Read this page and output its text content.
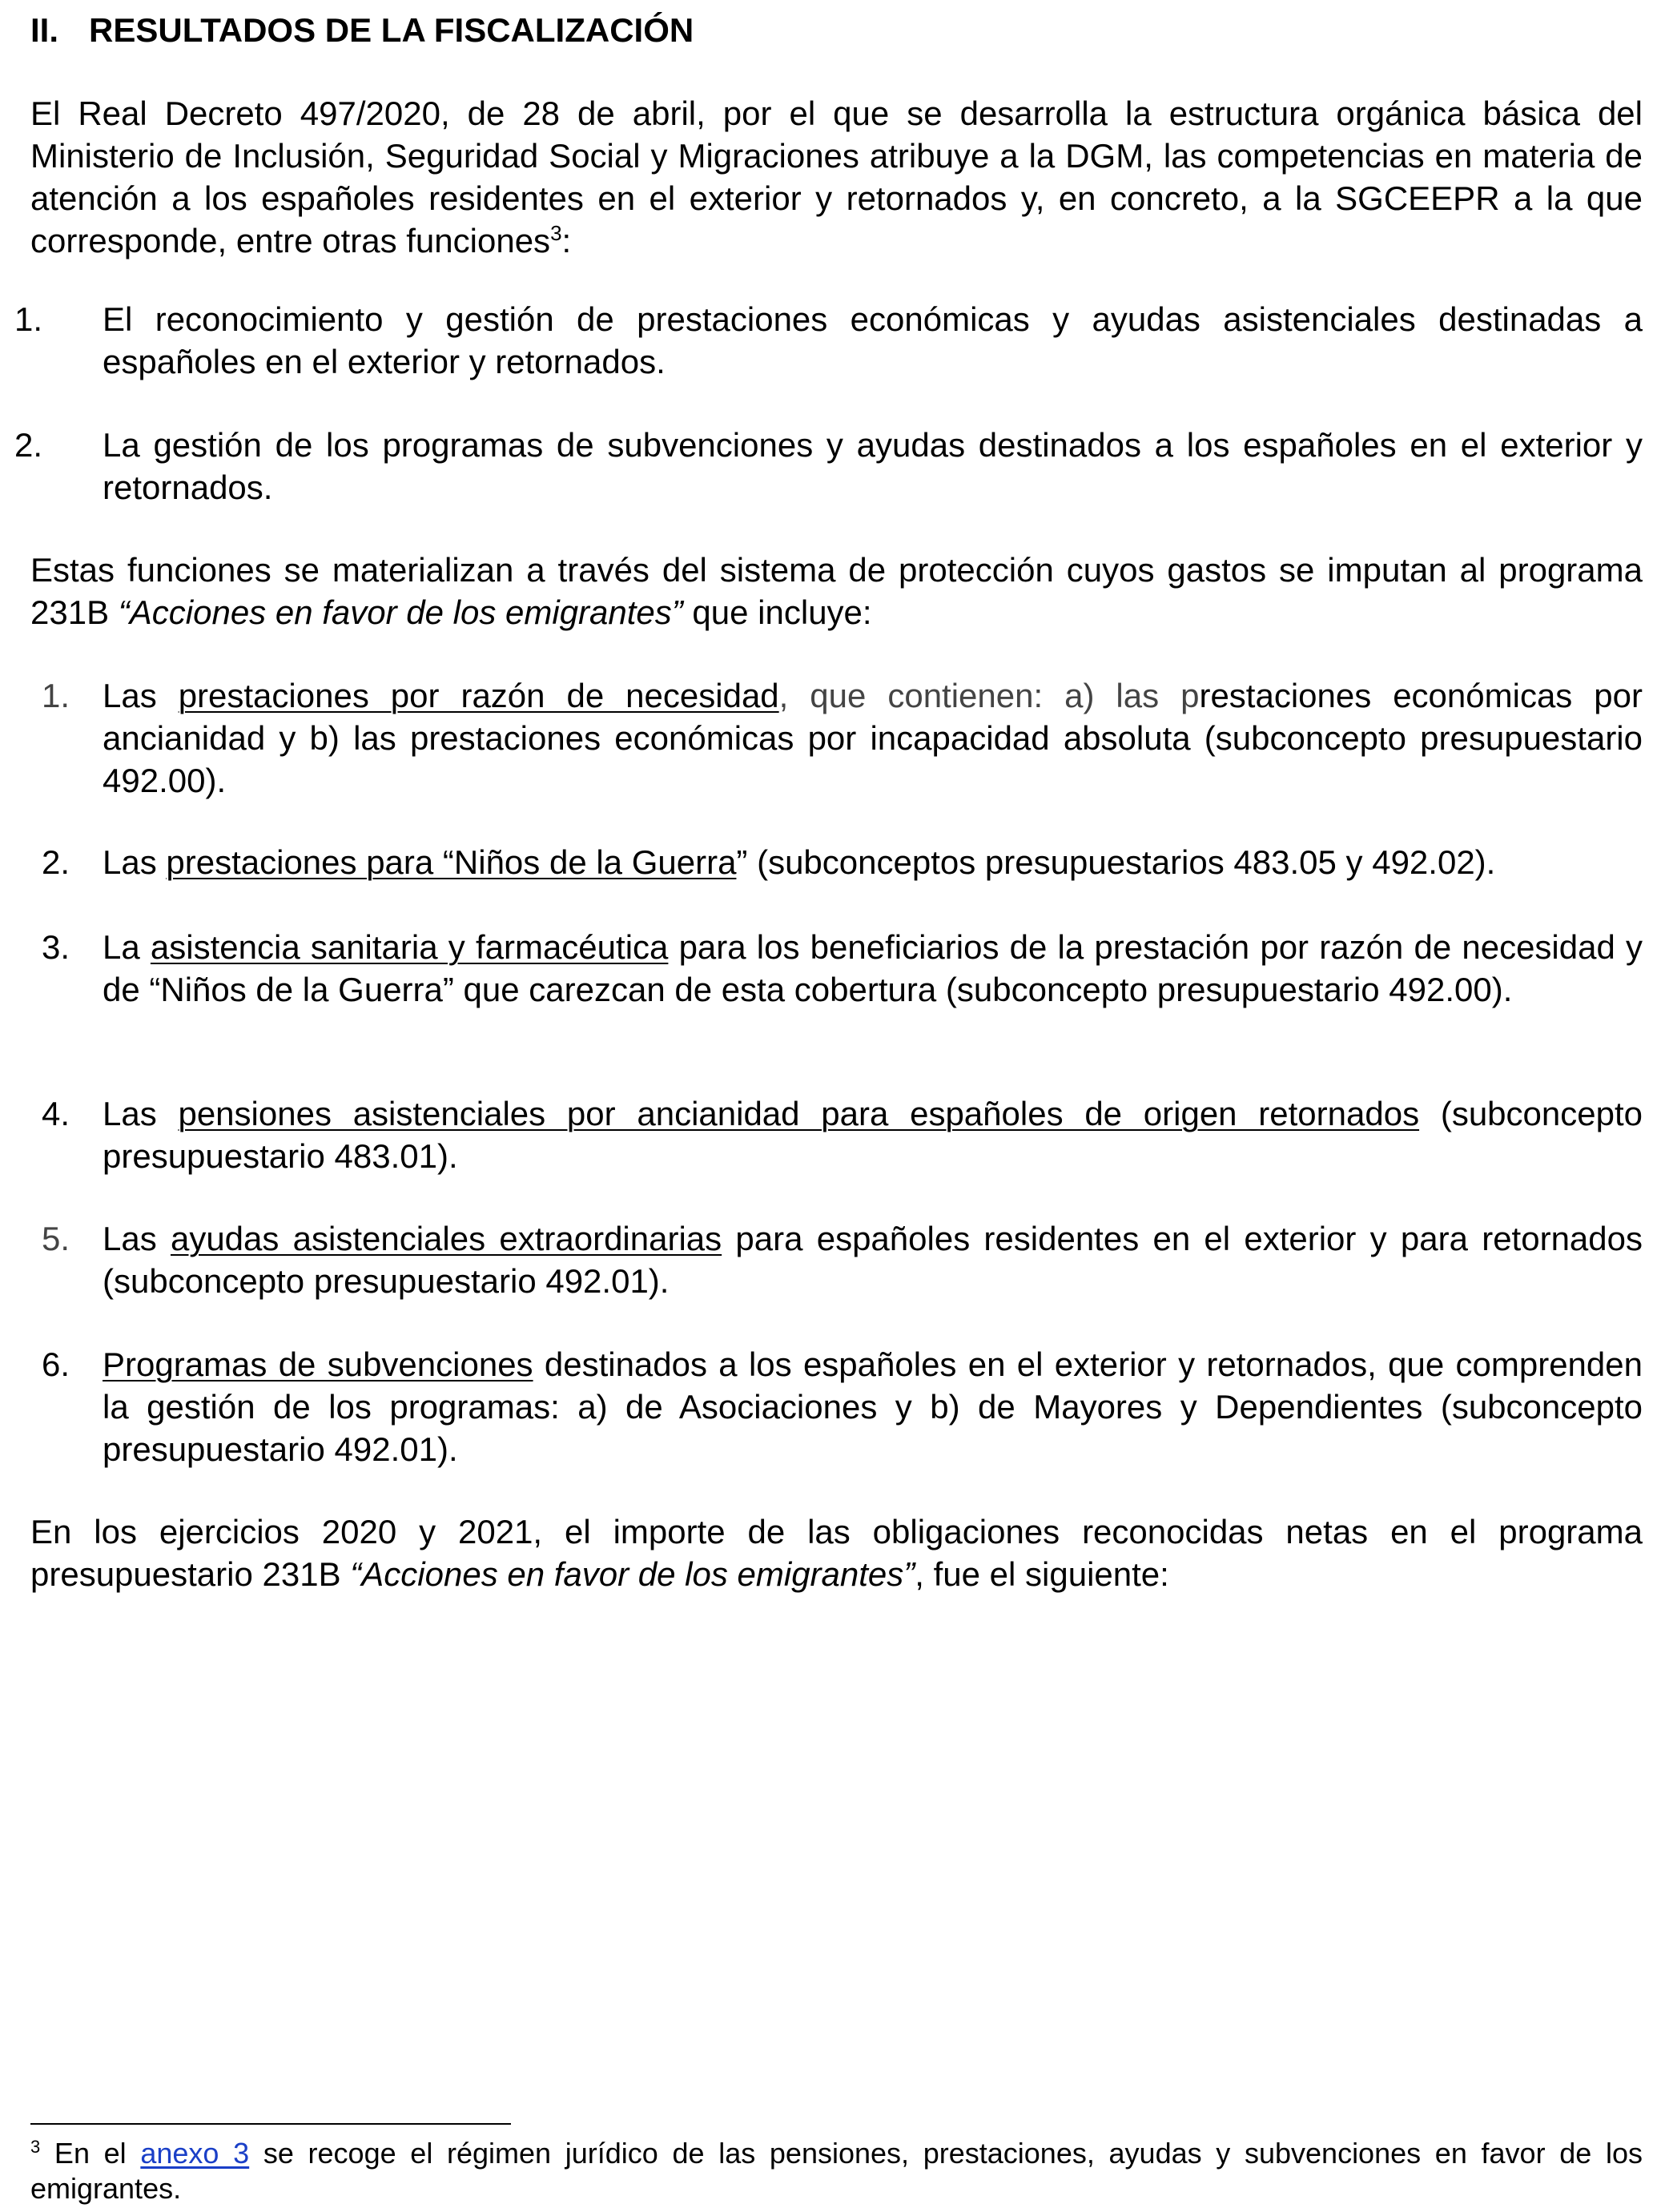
II. RESULTADOS DE LA FISCALIZACIÓN
El Real Decreto 497/2020, de 28 de abril, por el que se desarrolla la estructura orgánica básica del Ministerio de Inclusión, Seguridad Social y Migraciones atribuye a la DGM, las competencias en materia de atención a los españoles residentes en el exterior y retornados y, en concreto, a la SGCEEPR a la que corresponde, entre otras funciones$^3$:
1. El reconocimiento y gestión de prestaciones económicas y ayudas asistenciales destinadas a españoles en el exterior y retornados.
2. La gestión de los programas de subvenciones y ayudas destinados a los españoles en el exterior y retornados.
Estas funciones se materializan a través del sistema de protección cuyos gastos se imputan al programa 231B “Acciones en favor de los emigrantes” que incluye:
1. Las prestaciones por razón de necesidad, que contienen: a) las prestaciones económicas por ancianidad y b) las prestaciones económicas por incapacidad absoluta (subconcepto presupuestario 492.00).
2. Las prestaciones para “Niños de la Guerra” (subconceptos presupuestarios 483.05 y 492.02).
3. La asistencia sanitaria y farmacéutica para los beneficiarios de la prestación por razón de necesidad y de “Niños de la Guerra” que carezcan de esta cobertura (subconcepto presupuestario 492.00).
4. Las pensiones asistenciales por ancianidad para españoles de origen retornados (subconcepto presupuestario 483.01).
5. Las ayudas asistenciales extraordinarias para españoles residentes en el exterior y para retornados (subconcepto presupuestario 492.01).
6. Programas de subvenciones destinados a los españoles en el exterior y retornados, que comprenden la gestión de los programas: a) de Asociaciones y b) de Mayores y Dependientes (subconcepto presupuestario 492.01).
En los ejercicios 2020 y 2021, el importe de las obligaciones reconocidas netas en el programa presupuestario 231B “Acciones en favor de los emigrantes”, fue el siguiente:
$^3$ En el anexo 3 se recoge el régimen jurídico de las pensiones, prestaciones, ayudas y subvenciones en favor de los emigrantes.
